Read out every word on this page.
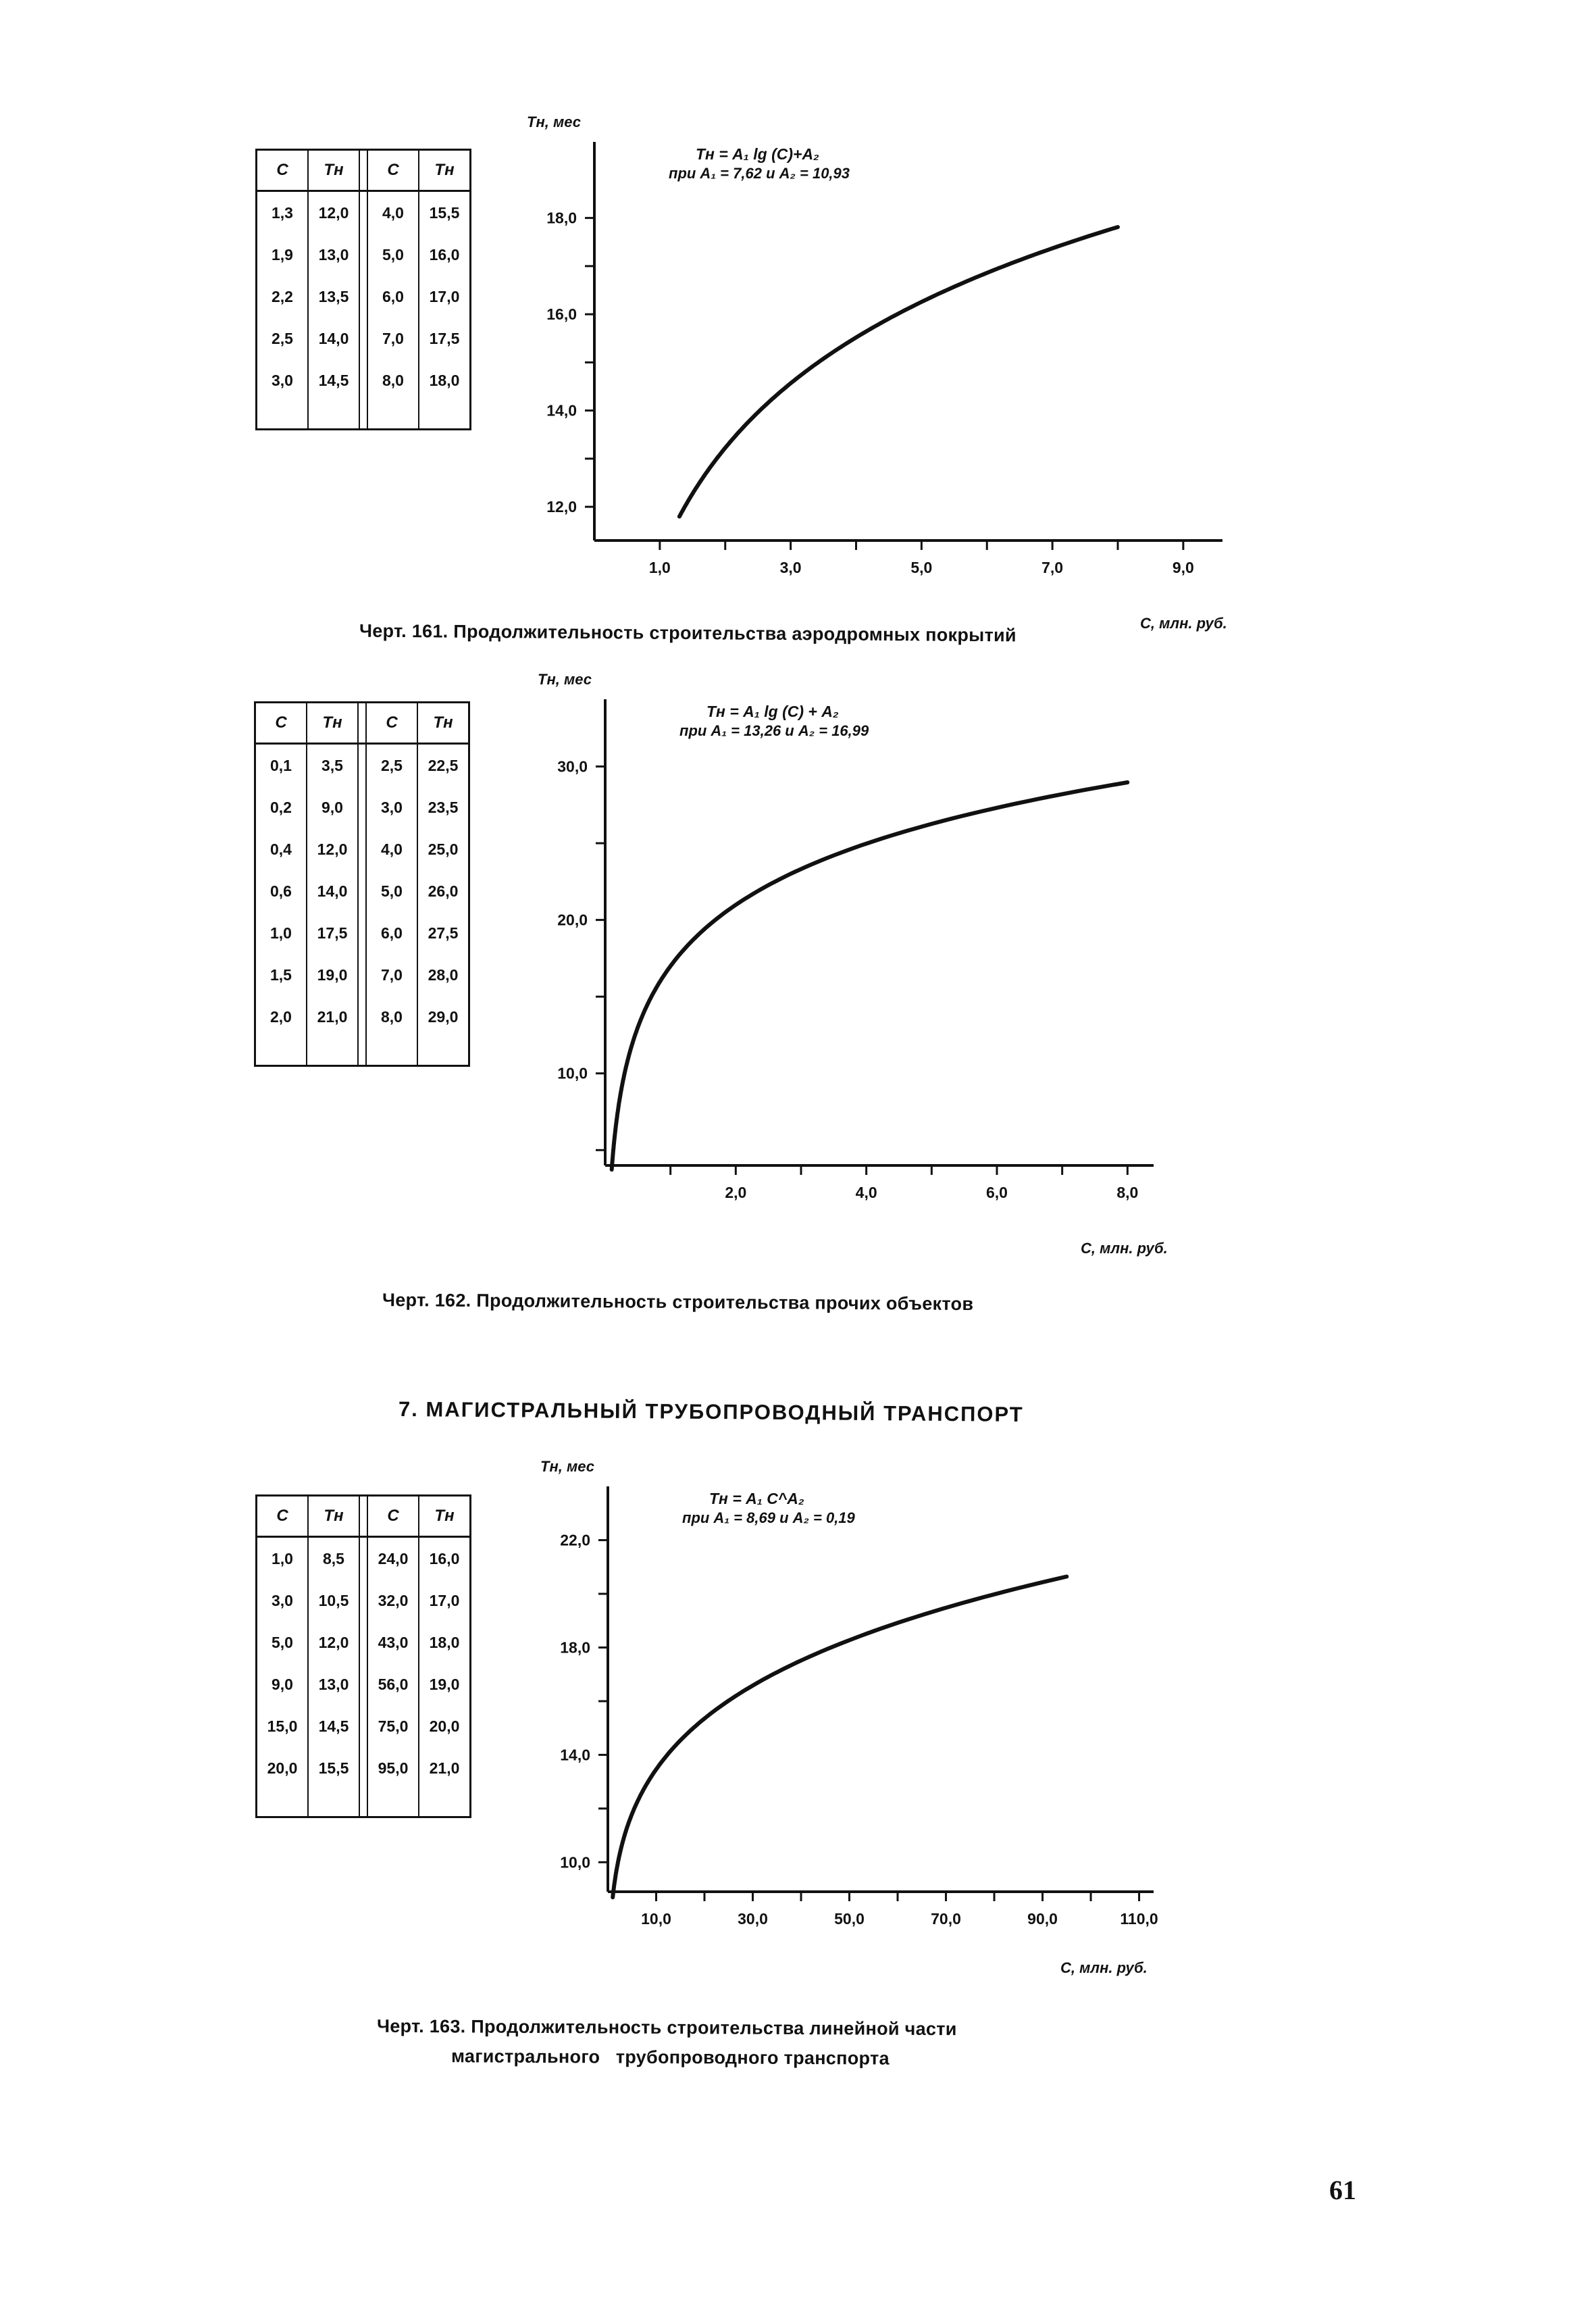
С	Тн		С	Тн
1,3	12,0		4,0	15,5
1,9	13,0		5,0	16,0
2,2	13,5		6,0	17,0
2,5	14,0		7,0	17,5
3,0	14,5		8,0	18,0

1,0	3,0	5,0	7,0	9,0
12,0
14,0
16,0
18,0
Тн, мес
С, млн. руб.
Тн = А₁ lg (С)+А₂
при А₁ = 7,62 и А₂ = 10,93
Черт. 161. Продолжительность строительства аэродромных покрытий
С	Тн		С	Тн
0,1	3,5		2,5	22,5
0,2	9,0		3,0	23,5
0,4	12,0		4,0	25,0
0,6	14,0		5,0	26,0
1,0	17,5		6,0	27,5
1,5	19,0		7,0	28,0
2,0	21,0		8,0	29,0

2,0	4,0	6,0	8,0
10,0
20,0
30,0
Тн, мес
С, млн. руб.
Тн = А₁ lg (С) + А₂
при А₁ = 13,26 и А₂ = 16,99
Черт. 162. Продолжительность строительства прочих объектов
7. МАГИСТРАЛЬНЫЙ ТРУБОПРОВОДНЫЙ ТРАНСПОРТ
С	Тн		С	Тн
1,0	8,5		24,0	16,0
3,0	10,5		32,0	17,0
5,0	12,0		43,0	18,0
9,0	13,0		56,0	19,0
15,0	14,5		75,0	20,0
20,0	15,5		95,0	21,0

10,0	30,0	50,0	70,0	90,0	110,0
10,0
14,0
18,0
22,0
Тн, мес
С, млн. руб.
Тн = А₁ С^А₂
при А₁ = 8,69 и А₂ = 0,19
Черт. 163. Продолжительность строительства линейной части
магистрального   трубопроводного транспорта
61
